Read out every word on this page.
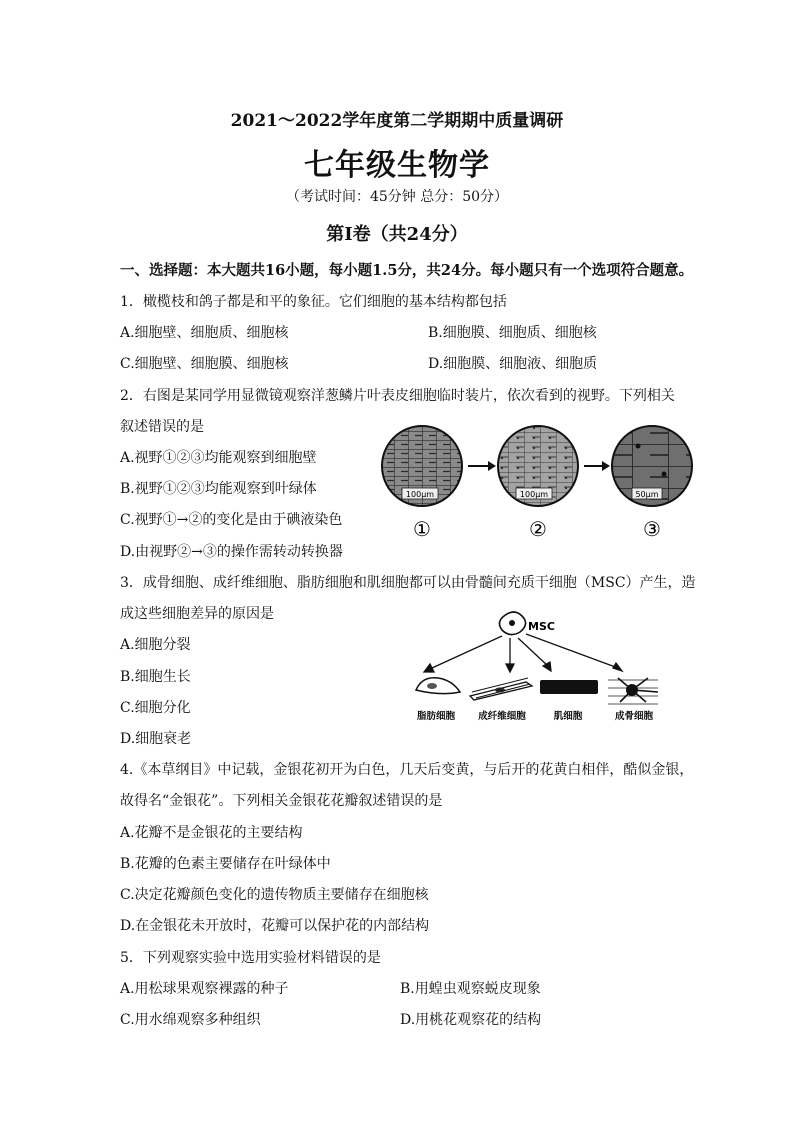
2021～2022学年度第二学期期中质量调研
七年级生物学
（考试时间：45分钟 总分：50分）
第Ⅰ卷（共24分）
一、选择题：本大题共16小题，每小题1.5分，共24分。每小题只有一个选项符合题意。
1．橄榄枝和鸽子都是和平的象征。它们细胞的基本结构都包括
A.细胞壁、细胞质、细胞核	B.细胞膜、细胞质、细胞核
C.细胞壁、细胞膜、细胞核	D.细胞膜、细胞液、细胞质
2．右图是某同学用显微镜观察洋葱鳞片叶表皮细胞临时装片，依次看到的视野。下列相关
叙述错误的是
A.视野①②③均能观察到细胞壁
B.视野①②③均能观察到叶绿体
C.视野①→②的变化是由于碘液染色
D.由视野②→③的操作需转动转换器
100μm	100μm	50μm
①	②	③
3．成骨细胞、成纤维细胞、脂肪细胞和肌细胞都可以由骨髓间充质干细胞（MSC）产生，造
成这些细胞差异的原因是
A.细胞分裂
B.细胞生长
C.细胞分化
D.细胞衰老
MSC
脂肪细胞 成纤维细胞	肌细胞	成骨细胞
4.《本草纲目》中记载，金银花初开为白色，几天后变黄，与后开的花黄白相伴，酷似金银，
故得名“金银花”。下列相关金银花花瓣叙述错误的是
A.花瓣不是金银花的主要结构
B.花瓣的色素主要储存在叶绿体中
C.决定花瓣颜色变化的遗传物质主要储存在细胞核
D.在金银花未开放时，花瓣可以保护花的内部结构
5．下列观察实验中选用实验材料错误的是
A.用松球果观察裸露的种子	B.用蝗虫观察蜕皮现象
C.用水绵观察多种组织	D.用桃花观察花的结构
